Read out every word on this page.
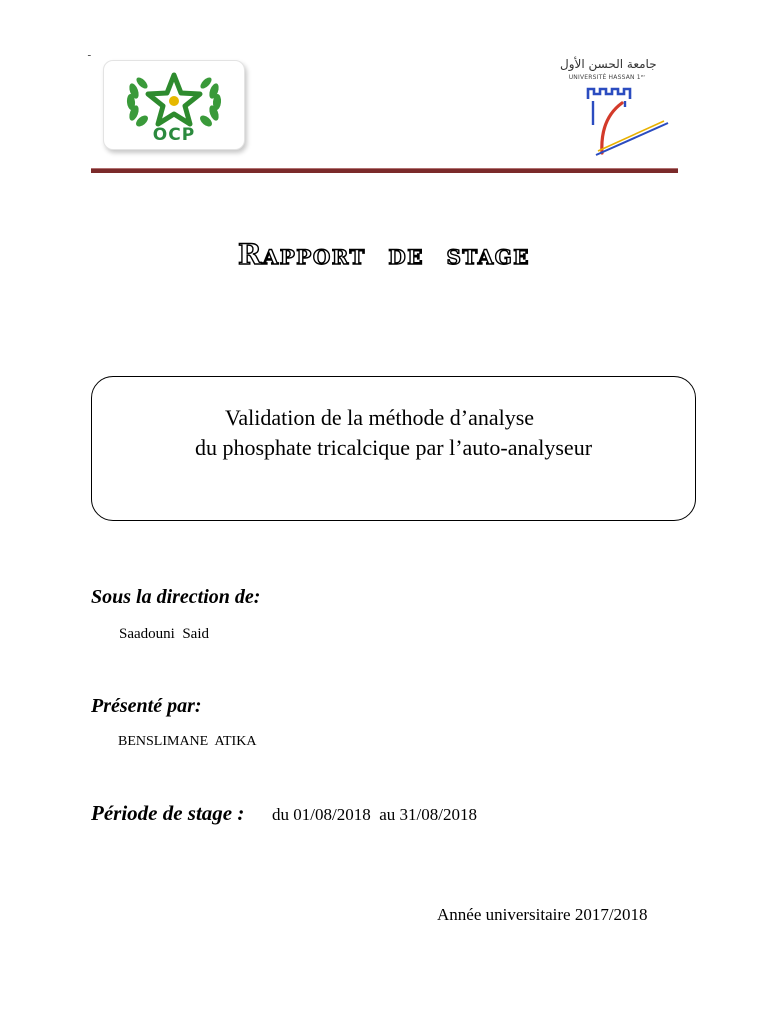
ـ
OCP
جامعة الحسن الأول
UNIVERSITÉ HASSAN 1ᵉʳ
Rapport  de  stage
Validation de la méthode d’analyse
du phosphate tricalcique par l’auto-analyseur
Sous la direction de:
Saadouni  Said
Présenté par:
BENSLIMANE  ATIKA
Période de stage : du 01/08/2018  au 31/08/2018
Année universitaire 2017/2018
